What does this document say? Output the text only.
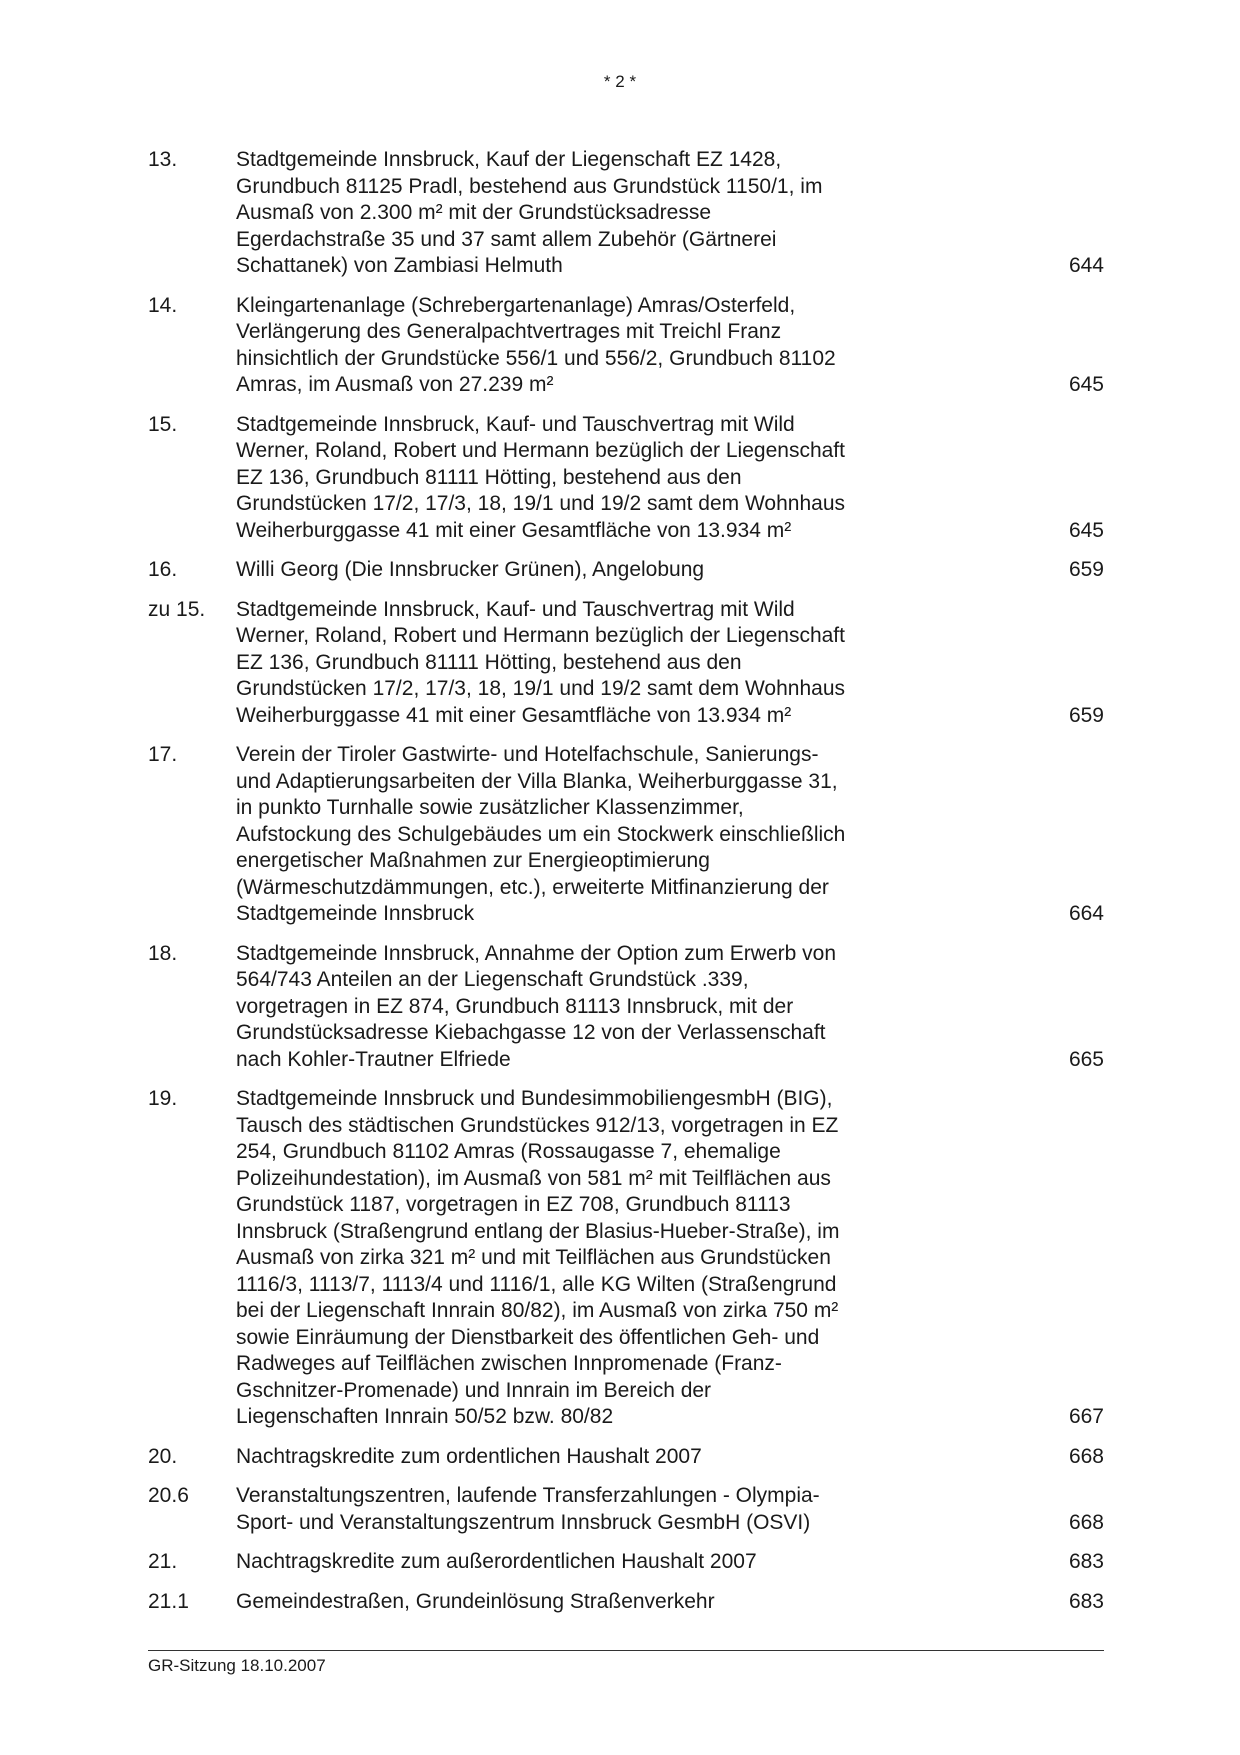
* 2 *
13.	Stadtgemeinde Innsbruck, Kauf der Liegenschaft EZ 1428,
Grundbuch 81125 Pradl, bestehend aus Grundstück 1150/1, im
Ausmaß von 2.300 m² mit der Grundstücksadresse
Egerdachstraße 35 und 37 samt allem Zubehör (Gärtnerei
Schattanek) von Zambiasi Helmuth	644
14.	Kleingartenanlage (Schrebergartenanlage) Amras/Osterfeld,
Verlängerung des Generalpachtvertrages mit Treichl Franz
hinsichtlich der Grundstücke 556/1 und 556/2, Grundbuch 81102
Amras, im Ausmaß von 27.239 m²	645
15.	Stadtgemeinde Innsbruck, Kauf- und Tauschvertrag mit Wild
Werner, Roland, Robert und Hermann bezüglich der Liegenschaft
EZ 136, Grundbuch 81111 Hötting, bestehend aus den
Grundstücken 17/2, 17/3, 18, 19/1 und 19/2 samt dem Wohnhaus
Weiherburggasse 41 mit einer Gesamtfläche von 13.934 m²	645
16.	Willi Georg (Die Innsbrucker Grünen), Angelobung	659
zu 15.	Stadtgemeinde Innsbruck, Kauf- und Tauschvertrag mit Wild
Werner, Roland, Robert und Hermann bezüglich der Liegenschaft
EZ 136, Grundbuch 81111 Hötting, bestehend aus den
Grundstücken 17/2, 17/3, 18, 19/1 und 19/2 samt dem Wohnhaus
Weiherburggasse 41 mit einer Gesamtfläche von 13.934 m²	659
17.	Verein der Tiroler Gastwirte- und Hotelfachschule, Sanierungs-
und Adaptierungsarbeiten der Villa Blanka, Weiherburggasse 31,
in punkto Turnhalle sowie zusätzlicher Klassenzimmer,
Aufstockung des Schulgebäudes um ein Stockwerk einschließlich
energetischer Maßnahmen zur Energieoptimierung
(Wärmeschutzdämmungen, etc.), erweiterte Mitfinanzierung der
Stadtgemeinde Innsbruck	664
18.	Stadtgemeinde Innsbruck, Annahme der Option zum Erwerb von
564/743 Anteilen an der Liegenschaft Grundstück .339,
vorgetragen in EZ 874, Grundbuch 81113 Innsbruck, mit der
Grundstücksadresse Kiebachgasse 12 von der Verlassenschaft
nach Kohler-Trautner Elfriede	665
19.	Stadtgemeinde Innsbruck und BundesimmobiliengesmbH (BIG),
Tausch des städtischen Grundstückes 912/13, vorgetragen in EZ
254, Grundbuch 81102 Amras (Rossaugasse 7, ehemalige
Polizeihundestation), im Ausmaß von 581 m² mit Teilflächen aus
Grundstück 1187, vorgetragen in EZ 708, Grundbuch 81113
Innsbruck (Straßengrund entlang der Blasius-Hueber-Straße), im
Ausmaß von zirka 321 m² und mit Teilflächen aus Grundstücken
1116/3, 1113/7, 1113/4 und 1116/1, alle KG Wilten (Straßengrund
bei der Liegenschaft Innrain 80/82), im Ausmaß von zirka 750 m²
sowie Einräumung der Dienstbarkeit des öffentlichen Geh- und
Radweges auf Teilflächen zwischen Innpromenade (Franz-
Gschnitzer-Promenade) und Innrain im Bereich der
Liegenschaften Innrain 50/52 bzw. 80/82	667
20.	Nachtragskredite zum ordentlichen Haushalt 2007	668
20.6	Veranstaltungszentren, laufende Transferzahlungen - Olympia-
Sport- und Veranstaltungszentrum Innsbruck GesmbH (OSVI)	668
21.	Nachtragskredite zum außerordentlichen Haushalt 2007	683
21.1	Gemeindestraßen, Grundeinlösung Straßenverkehr	683
GR-Sitzung 18.10.2007
